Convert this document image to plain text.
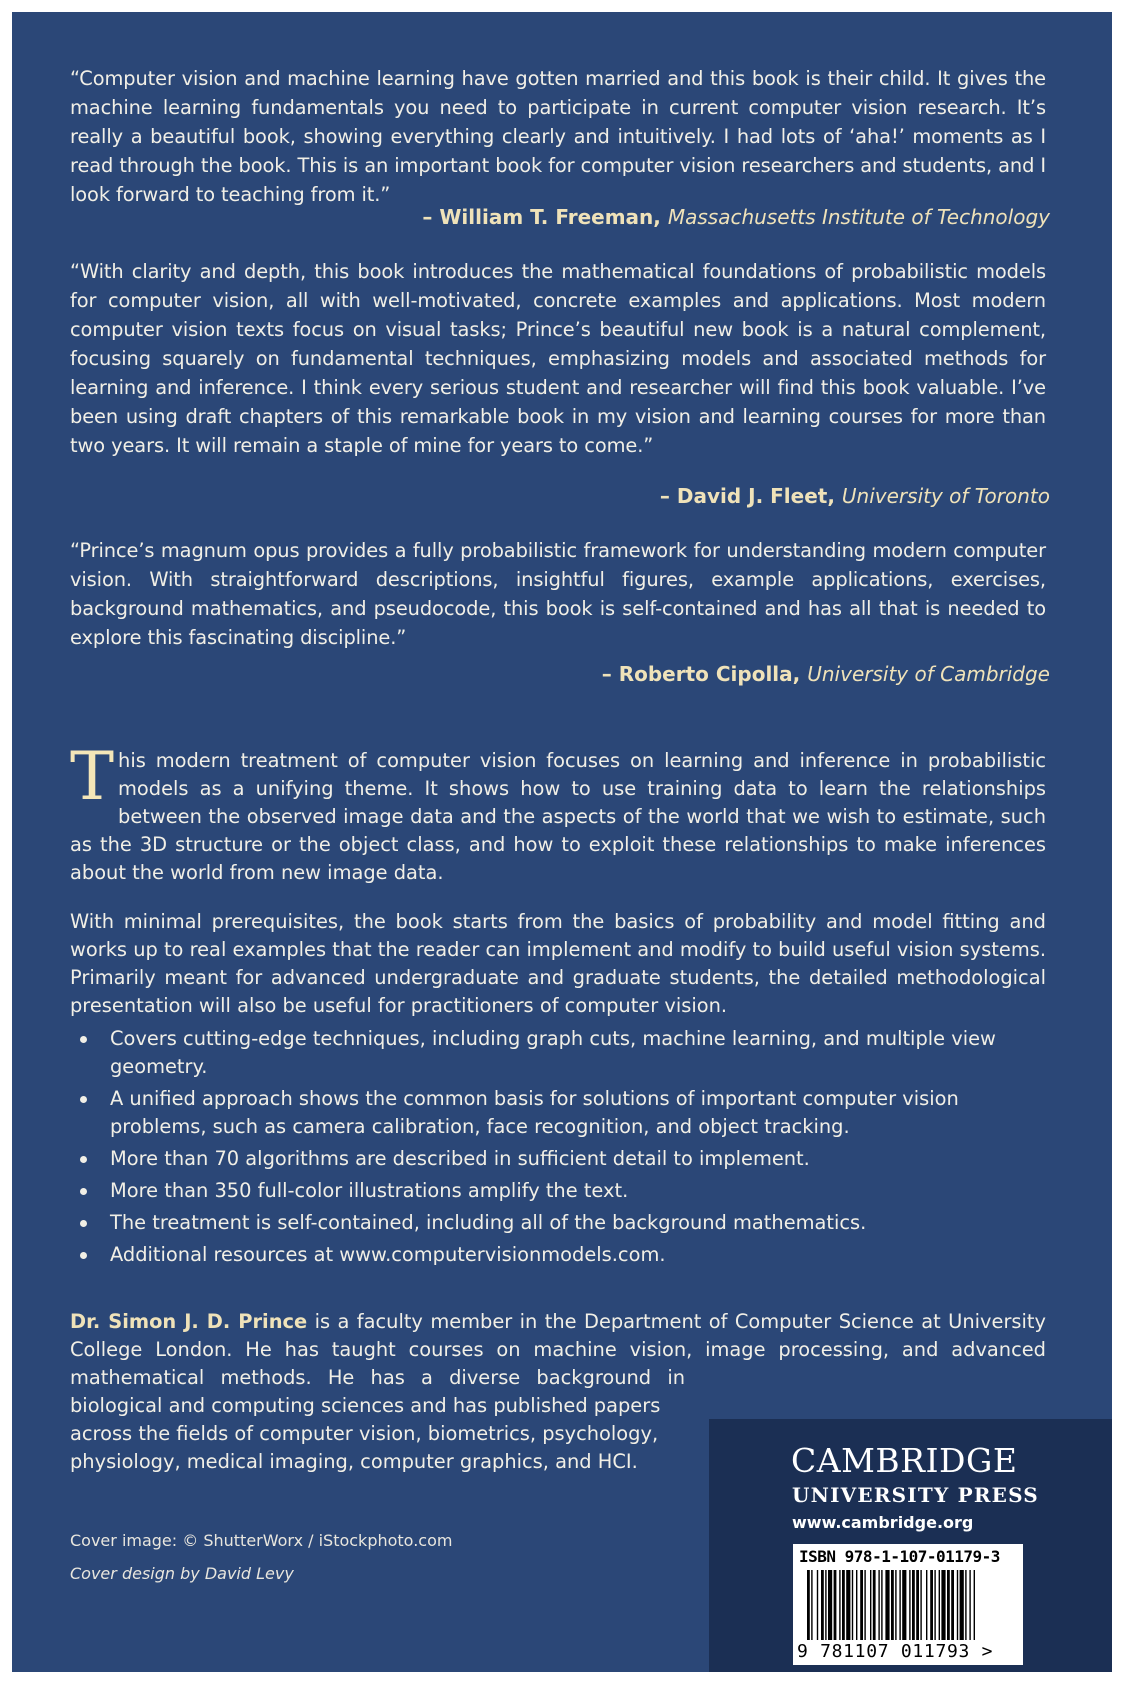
“Computer vision and machine learning have gotten married and this book is their child. It gives the machine learning fundamentals you need to participate in current computer vision research. It’s really a beautiful book, showing everything clearly and intuitively. I had lots of ‘aha!’ moments as I read through the book. This is an important book for computer vision researchers and students, and I look forward to teaching from it.”

– William T. Freeman, Massachusetts Institute of Technology

“With clarity and depth, this book introduces the mathematical foundations of probabilistic models for computer vision, all with well-motivated, concrete examples and applications. Most modern computer vision texts focus on visual tasks; Prince’s beautiful new book is a natural complement, focusing squarely on fundamental techniques, emphasizing models and associated methods for learning and inference. I think every serious student and researcher will find this book valuable. I’ve been using draft chapters of this remarkable book in my vision and learning courses for more than two years. It will remain a staple of mine for years to come.”

– David J. Fleet, University of Toronto

“Prince’s magnum opus provides a fully probabilistic framework for understanding modern computer vision. With straightforward descriptions, insightful figures, example applications, exercises, background mathematics, and pseudocode, this book is self-contained and has all that is needed to explore this fascinating discipline.”

– Roberto Cipolla, University of Cambridge

This modern treatment of computer vision focuses on learning and inference in probabilistic models as a unifying theme. It shows how to use training data to learn the relationships between the observed image data and the aspects of the world that we wish to estimate, such as the 3D structure or the object class, and how to exploit these relationships to make inferences about the world from new image data.

With minimal prerequisites, the book starts from the basics of probability and model fitting and works up to real examples that the reader can implement and modify to build useful vision systems. Primarily meant for advanced undergraduate and graduate students, the detailed methodological presentation will also be useful for practitioners of computer vision.

Covers cutting-edge techniques, including graph cuts, machine learning, and multiple view geometry.
A unified approach shows the common basis for solutions of important computer vision problems, such as camera calibration, face recognition, and object tracking.
More than 70 algorithms are described in sufficient detail to implement.
More than 350 full-color illustrations amplify the text.
The treatment is self-contained, including all of the background mathematics.
Additional resources at www.computervisionmodels.com.

Dr. Simon J. D. Prince is a faculty member in the Department of Computer Science at University

College London. He has taught courses on machine vision, image processing, and advanced

mathematical methods. He has a diverse background in

biological and computing sciences and has published papers

across the fields of computer vision, biometrics, psychology,

physiology, medical imaging, computer graphics, and HCI.

Cover image: © ShutterWorx / iStockphoto.com

Cover design by David Levy

CAMBRIDGE
UNIVERSITY PRESS
www.cambridge.org
ISBN 978-1-107-01179-3
9 781107 011793 >
